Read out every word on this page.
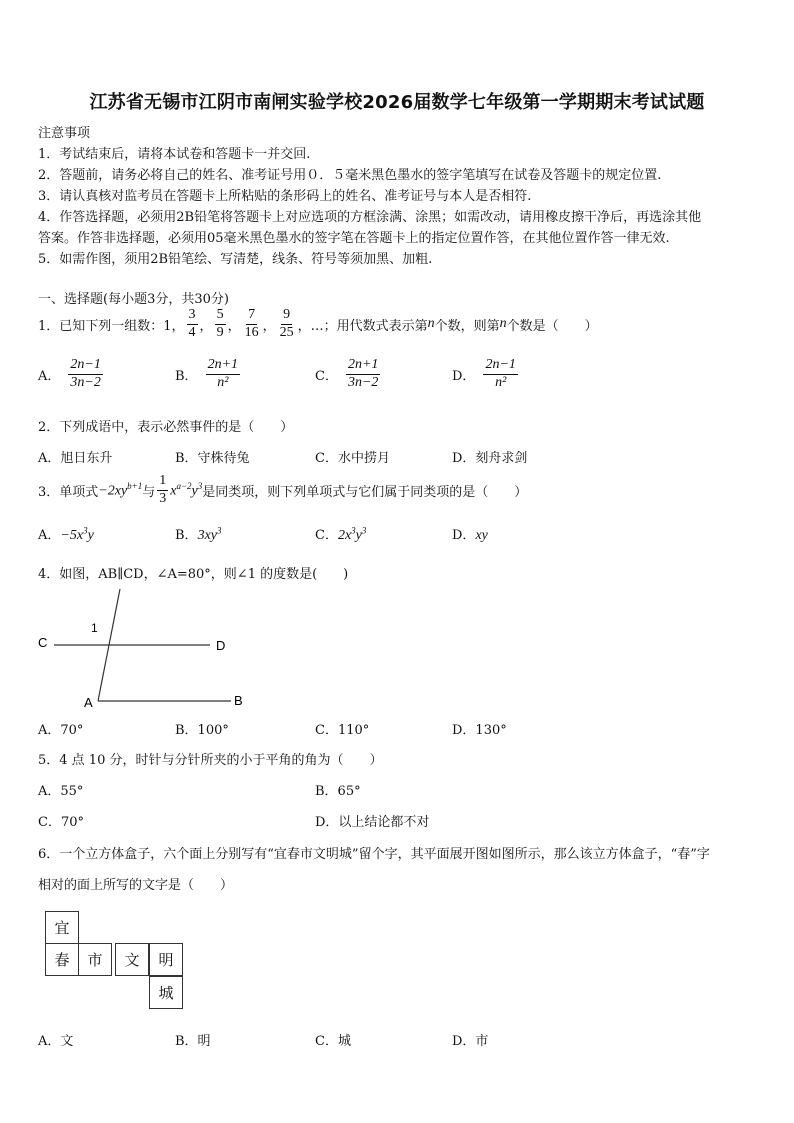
江苏省无锡市江阴市南闸实验学校2026届数学七年级第一学期期末考试试题
注意事项
1．考试结束后，请将本试卷和答题卡一并交回.
2．答题前，请务必将自己的姓名、准考证号用０．５毫米黑色墨水的签字笔填写在试卷及答题卡的规定位置.
3．请认真核对监考员在答题卡上所粘贴的条形码上的姓名、准考证号与本人是否相符.
4．作答选择题，必须用2B铅笔将答题卡上对应选项的方框涂满、涂黑；如需改动，请用橡皮擦干净后，再选涂其他
答案。作答非选择题，必须用05毫米黑色墨水的签字笔在答题卡上的指定位置作答，在其他位置作答一律无效.
5．如需作图，须用2B铅笔绘、写清楚，线条、符号等须加黑、加粗.
一、选择题(每小题3分，共30分)
1．已知下列一组数：1， $\frac{3}{4}$ ， $\frac{5}{9}$ ， $\frac{7}{16}$ ， $\frac{9}{25}$ ，…；用代数式表示第 n 个数，则第 n 个数是（　　）
A． $\frac{2n-1}{3n-2}$	B． $\frac{2n+1}{\text{n²}}$	C． $\frac{2n+1}{3n-2}$	D． $\frac{2n-1}{\text{n²}}$
2．下列成语中，表示必然事件的是（　　）
A．旭日东升	B．守株待兔	C．水中捞月	D．刻舟求剑
3．单项式 $-2xy^{b+1}$ 与 $\frac{1}{3} x^{a-2}y^3$ 是同类项，则下列单项式与它们属于同类项的是（　　）
A．$-5x^3y$	B．$3xy^3$	C．$2x^3y^3$	D．xy
4．如图，AB∥CD，∠A=80°，则∠1 的度数是(　　)
C	D
A	B
1
A．70°	B．100°	C．110°	D．130°
5．4 点 10 分，时针与分针所夹的小于平角的角为（　　）
A．55°	B．65°
C．70°	D．以上结论都不对
6．一个立方体盒子，六个面上分别写有“宜春市文明城”留个字，其平面展开图如图所示，那么该立方体盒子，“春”字
相对的面上所写的文字是（　　）
宜
春	市	文	明
城
A．文	B．明	C．城	D．市
